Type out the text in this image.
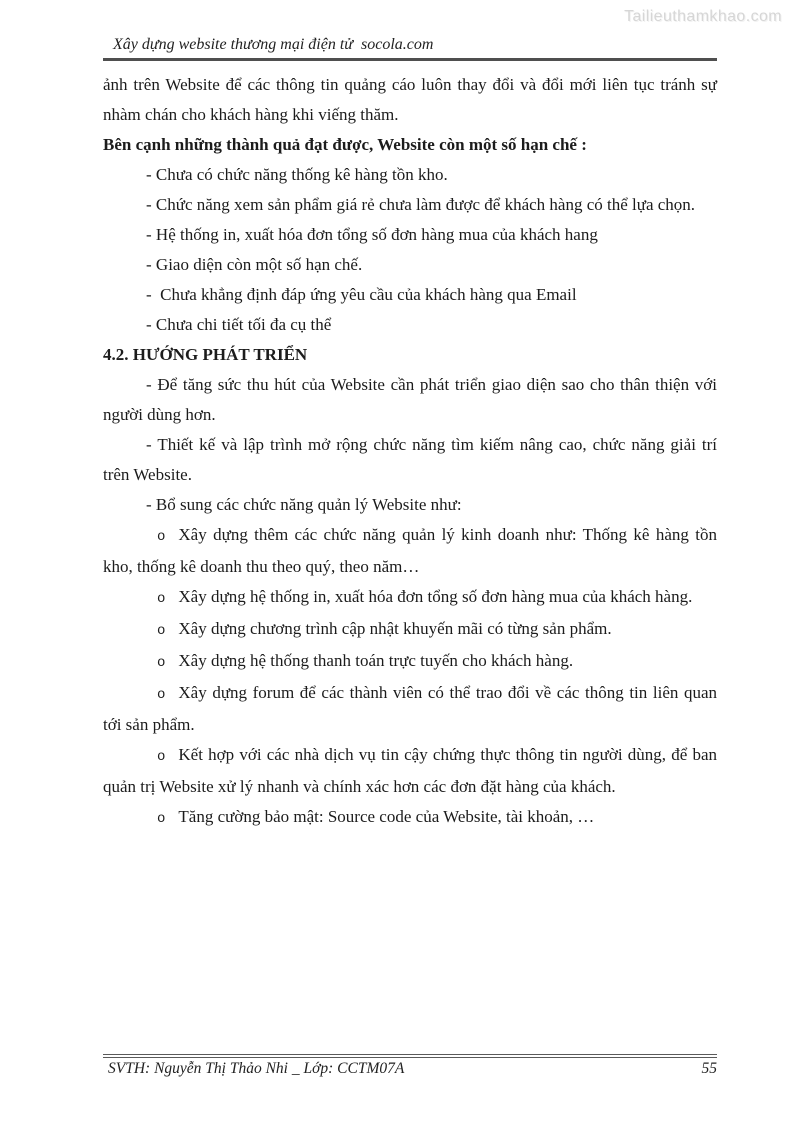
Tailieuthamkhao.com
Xây dựng website thương mại điện tử  socola.com

ảnh trên Website để các thông tin quảng cáo luôn thay đổi và đổi mới liên tục tránh sự nhàm chán cho khách hàng khi viếng thăm.

Bên cạnh những thành quả đạt được, Website còn một số hạn chế :

- Chưa có chức năng thống kê hàng tồn kho.

- Chức năng xem sản phẩm giá rẻ chưa làm được để khách hàng có thể lựa chọn.

- Hệ thống in, xuất hóa đơn tổng số đơn hàng mua của khách hang

- Giao diện còn một số hạn chế.

-  Chưa khẳng định đáp ứng yêu cầu của khách hàng qua Email

- Chưa chi tiết tối đa cụ thể

4.2. HƯỚNG PHÁT TRIỂN

- Để tăng sức thu hút của Website cần phát triển giao diện sao cho thân thiện với người dùng hơn.

- Thiết kế và lập trình mở rộng chức năng tìm kiếm nâng cao, chức năng giải trí trên Website.

- Bổ sung các chức năng quản lý Website như:

o Xây dựng thêm các chức năng quản lý kinh doanh như: Thống kê hàng tồn kho, thống kê doanh thu theo quý, theo năm…

o Xây dựng hệ thống in, xuất hóa đơn tổng số đơn hàng mua của khách hàng.

o Xây dựng chương trình cập nhật khuyến mãi có từng sản phẩm.

o Xây dựng hệ thống thanh toán trực tuyến cho khách hàng.

o Xây dựng forum để các thành viên có thể trao đổi về các thông tin liên quan tới sản phẩm.

o Kết hợp với các nhà dịch vụ tin cậy chứng thực thông tin người dùng, để ban quản trị Website xử lý nhanh và chính xác hơn các đơn đặt hàng của khách.

o Tăng cường bảo mật: Source code của Website, tài khoản, …

SVTH: Nguyễn Thị Thảo Nhi _ Lớp: CCTM07A	55
